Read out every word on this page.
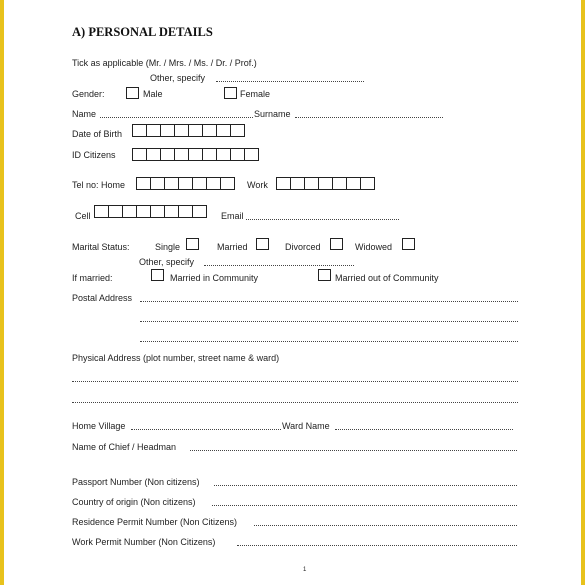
A) PERSONAL DETAILS
Tick as applicable (Mr. / Mrs. / Ms. / Dr. / Prof.)
Other, specify
Gender:	Male	Female
Name	Surname
Date of Birth
ID Citizens
Tel no: Home	Work
Cell	Email
Marital Status:	Single	Married	Divorced	Widowed
Other, specify
If married:	Married in Community	Married out of Community
Postal Address
Physical Address (plot number, street name & ward)
Home Village	Ward Name
Name of Chief / Headman
Passport Number (Non citizens)
Country of origin (Non citizens)
Residence Permit Number (Non Citizens)
Work Permit Number (Non Citizens)
1
